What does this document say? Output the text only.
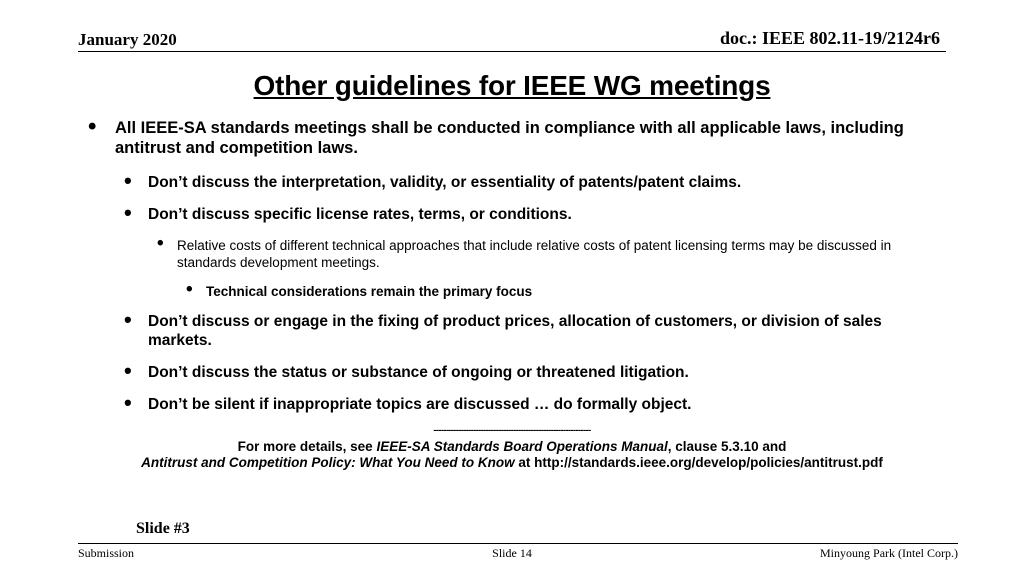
January 2020	doc.: IEEE 802.11-19/2124r6
Other guidelines for IEEE WG meetings
• All IEEE-SA standards meetings shall be conducted in compliance with all applicable laws, including antitrust and competition laws.
• Don’t discuss the interpretation, validity, or essentiality of patents/patent claims.
• Don’t discuss specific license rates, terms, or conditions.
• Relative costs of different technical approaches that include relative costs of patent licensing terms may be discussed in standards development meetings.
• Technical considerations remain the primary focus
• Don’t discuss or engage in the fixing of product prices, allocation of customers, or division of sales markets.
• Don’t discuss the status or substance of ongoing or threatened litigation.
• Don’t be silent if inappropriate topics are discussed … do formally object.
---------------------------------------------------------------
For more details, see IEEE-SA Standards Board Operations Manual, clause 5.3.10 and
Antitrust and Competition Policy: What You Need to Know at http://standards.ieee.org/develop/policies/antitrust.pdf
Slide #3
Submission	Slide 14	Minyoung Park (Intel Corp.)
